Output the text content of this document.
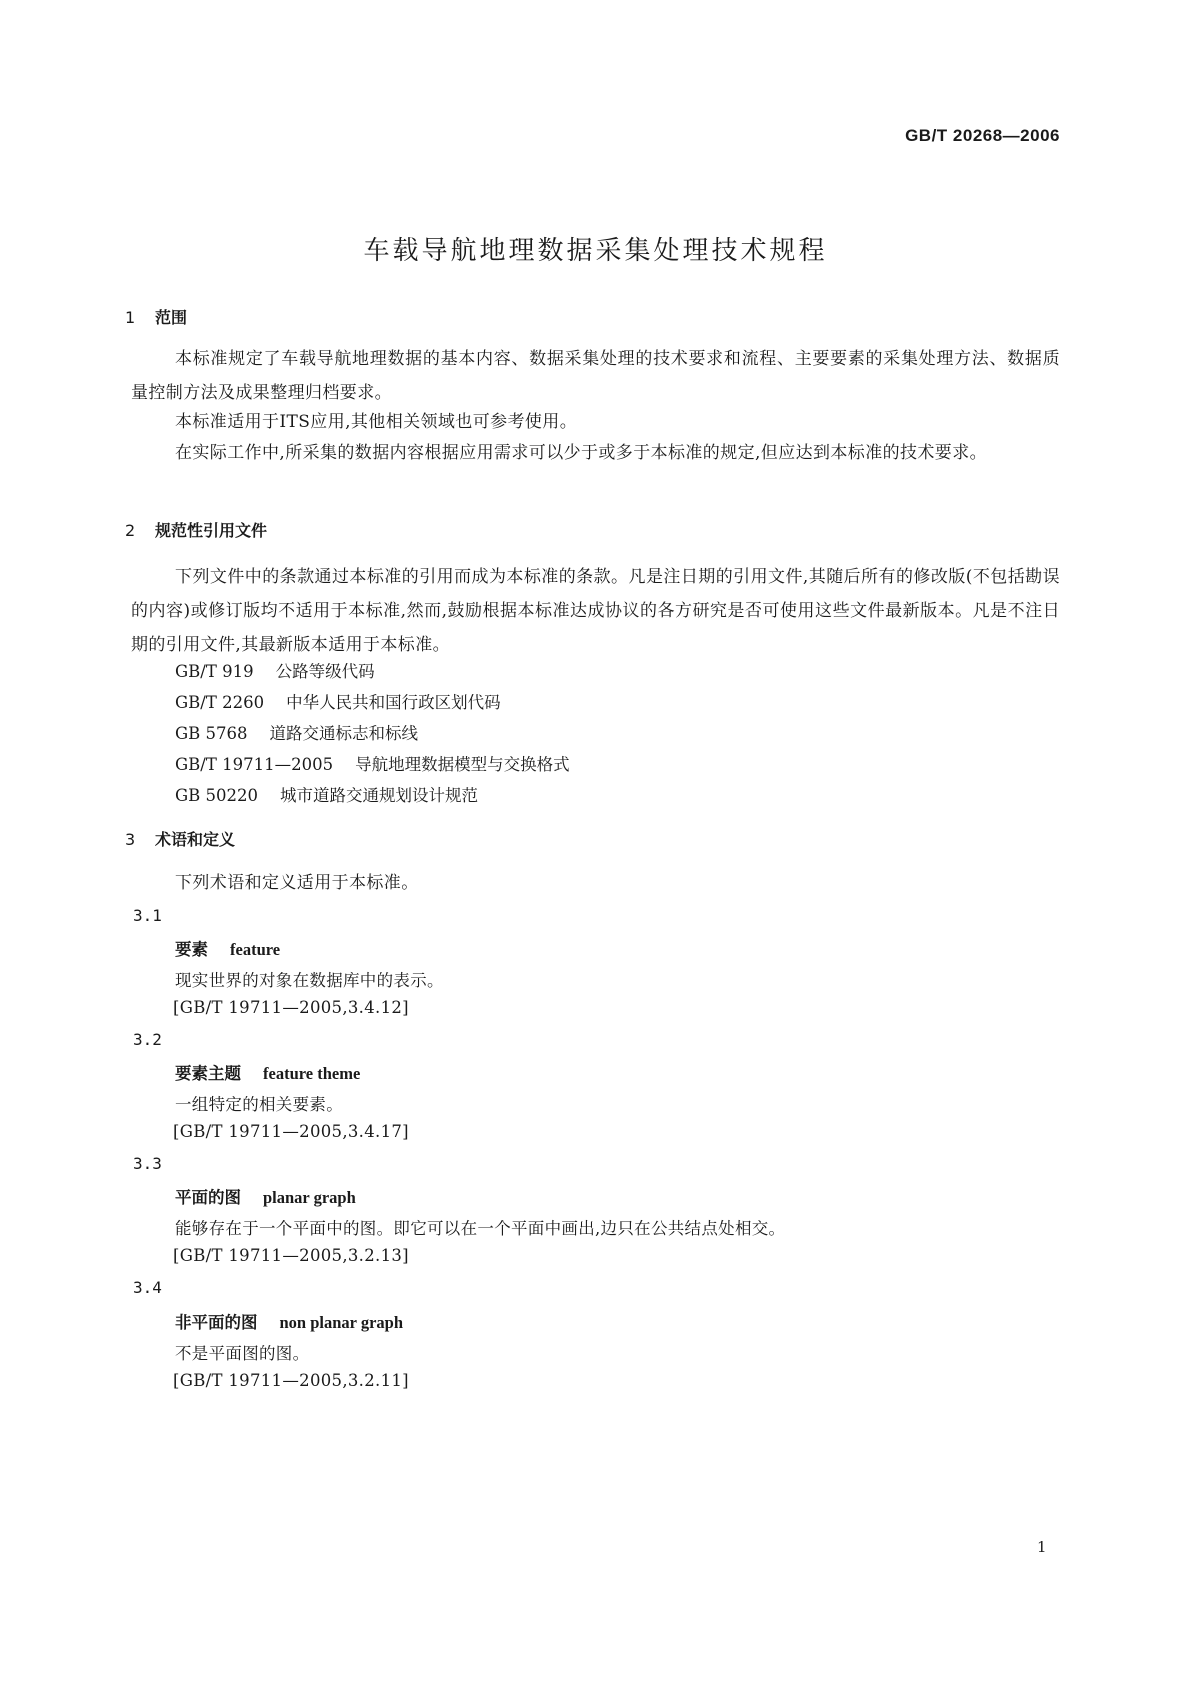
GB/T 20268—2006
车载导航地理数据采集处理技术规程
1 范围
本标准规定了车载导航地理数据的基本内容、数据采集处理的技术要求和流程、主要要素的采集处理方法、数据质量控制方法及成果整理归档要求。
本标准适用于ITS应用,其他相关领域也可参考使用。
在实际工作中,所采集的数据内容根据应用需求可以少于或多于本标准的规定,但应达到本标准的技术要求。
2 规范性引用文件
下列文件中的条款通过本标准的引用而成为本标准的条款。凡是注日期的引用文件,其随后所有的修改版(不包括勘误的内容)或修订版均不适用于本标准,然而,鼓励根据本标准达成协议的各方研究是否可使用这些文件最新版本。凡是不注日期的引用文件,其最新版本适用于本标准。
GB/T 919 公路等级代码
GB/T 2260 中华人民共和国行政区划代码
GB 5768 道路交通标志和标线
GB/T 19711—2005 导航地理数据模型与交换格式
GB 50220 城市道路交通规划设计规范
3 术语和定义
下列术语和定义适用于本标准。
3.1
要素 feature
现实世界的对象在数据库中的表示。
[GB/T 19711—2005,3.4.12]
3.2
要素主题 feature theme
一组特定的相关要素。
[GB/T 19711—2005,3.4.17]
3.3
平面的图 planar graph
能够存在于一个平面中的图。即它可以在一个平面中画出,边只在公共结点处相交。
[GB/T 19711—2005,3.2.13]
3.4
非平面的图 non planar graph
不是平面图的图。
[GB/T 19711—2005,3.2.11]
1
